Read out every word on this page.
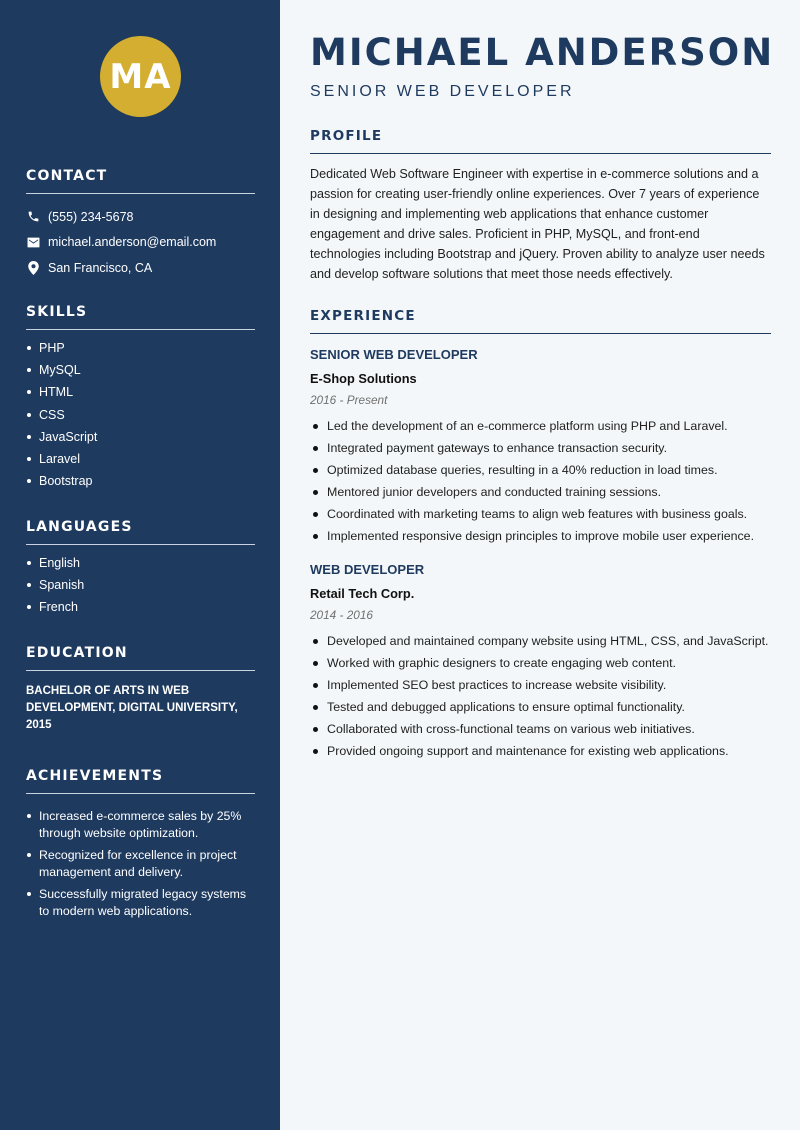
MA
CONTACT
(555) 234-5678
michael.anderson@email.com
San Francisco, CA
SKILLS
PHP
MySQL
HTML
CSS
JavaScript
Laravel
Bootstrap
LANGUAGES
English
Spanish
French
EDUCATION
BACHELOR OF ARTS IN WEB DEVELOPMENT, DIGITAL UNIVERSITY, 2015
ACHIEVEMENTS
Increased e-commerce sales by 25% through website optimization.
Recognized for excellence in project management and delivery.
Successfully migrated legacy systems to modern web applications.
MICHAEL ANDERSON
SENIOR WEB DEVELOPER
PROFILE
Dedicated Web Software Engineer with expertise in e-commerce solutions and a passion for creating user-friendly online experiences. Over 7 years of experience in designing and implementing web applications that enhance customer engagement and drive sales. Proficient in PHP, MySQL, and front-end technologies including Bootstrap and jQuery. Proven ability to analyze user needs and develop software solutions that meet those needs effectively.
EXPERIENCE
SENIOR WEB DEVELOPER
E-Shop Solutions
2016 - Present
Led the development of an e-commerce platform using PHP and Laravel.
Integrated payment gateways to enhance transaction security.
Optimized database queries, resulting in a 40% reduction in load times.
Mentored junior developers and conducted training sessions.
Coordinated with marketing teams to align web features with business goals.
Implemented responsive design principles to improve mobile user experience.
WEB DEVELOPER
Retail Tech Corp.
2014 - 2016
Developed and maintained company website using HTML, CSS, and JavaScript.
Worked with graphic designers to create engaging web content.
Implemented SEO best practices to increase website visibility.
Tested and debugged applications to ensure optimal functionality.
Collaborated with cross-functional teams on various web initiatives.
Provided ongoing support and maintenance for existing web applications.
